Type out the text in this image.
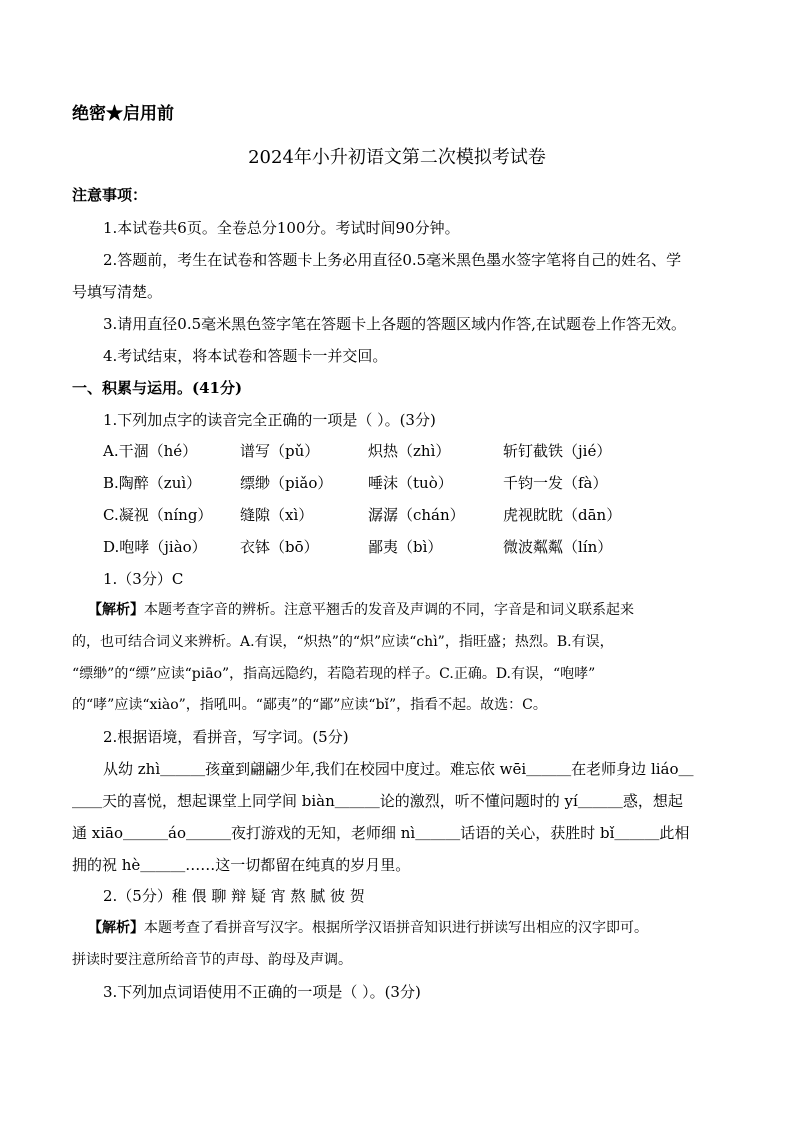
绝密★启用前
2024年小升初语文第二次模拟考试卷
注意事项：
1.本试卷共6页。全卷总分100分。考试时间90分钟。
2.答题前，考生在试卷和答题卡上务必用直径0.5毫米黑色墨水签字笔将自己的姓名、学
号填写清楚。
3.请用直径0.5毫米黑色签字笔在答题卡上各题的答题区域内作答,在试题卷上作答无效。
4.考试结束，将本试卷和答题卡一并交回。
一、积累与运用。(41分)
1.下列加点字的读音完全正确的一项是（ ）。(3分)
A.干涸（hé）	谱写（pǔ）	炽热（zhì）	斩钉截铁（jié）
B.陶醉（zuì）	缥缈（piǎo） 唾沫（tuò）	千钧一发（fà）
C.凝视（níng） 缝隙（xì）	潺潺（chán）	虎视眈眈（dān）
D.咆哮（jiào） 衣钵（bō）	鄙夷（bì）	微波粼粼（lín）
1.（3分）C
【解析】本题考查字音的辨析。注意平翘舌的发音及声调的不同，字音是和词义联系起来
的，也可结合词义来辨析。A.有误，“炽热”的“炽”应读“chì”，指旺盛；热烈。B.有误，
“缥缈”的“缥”应读“piāo”，指高远隐约，若隐若现的样子。C.正确。D.有误，“咆哮”
的“哮”应读“xiào”，指吼叫。“鄙夷”的“鄙”应读“bǐ”，指看不起。故选：C。
2.根据语境，看拼音，写字词。(5分)
从幼 zhì＿＿＿孩童到翩翩少年,我们在校园中度过。难忘依 wēi＿＿＿在老师身边 liáo＿
＿＿天的喜悦，想起课堂上同学间 biàn＿＿＿论的激烈，听不懂问题时的 yí＿＿＿惑，想起
通 xiāo＿＿＿áo＿＿＿夜打游戏的无知，老师细 nì＿＿＿话语的关心，获胜时 bǐ＿＿＿此相
拥的祝 hè＿＿＿……这一切都留在纯真的岁月里。
2.（5分）稚 偎 聊 辩 疑 宵 熬 腻 彼 贺
【解析】本题考查了看拼音写汉字。根据所学汉语拼音知识进行拼读写出相应的汉字即可。
拼读时要注意所给音节的声母、韵母及声调。
3.下列加点词语使用不正确的一项是（ ）。(3分)
